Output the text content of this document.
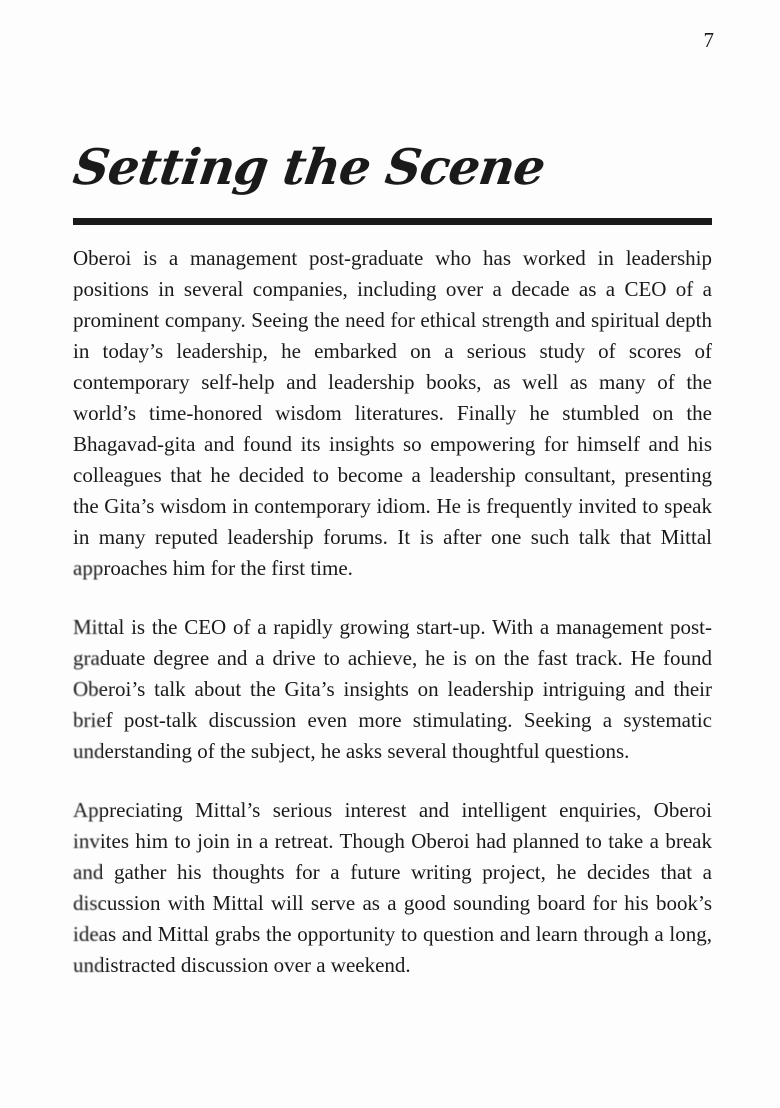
7
Setting the Scene

Oberoi is a management post-graduate who has worked in leadership positions in several companies, including over a decade as a CEO of a prominent company. Seeing the need for ethical strength and spiritual depth in today’s leadership, he embarked on a serious study of scores of contemporary self-help and leadership books, as well as many of the world’s time-honored wisdom literatures. Finally he stumbled on the Bhagavad-gita and found its insights so empowering for himself and his colleagues that he decided to become a leadership consultant, presenting the Gita’s wisdom in contemporary idiom. He is frequently invited to speak in many reputed leadership forums. It is after one such talk that Mittal approaches him for the first time.

Mittal is the CEO of a rapidly growing start-up. With a management post-graduate degree and a drive to achieve, he is on the fast track. He found Oberoi’s talk about the Gita’s insights on leadership intriguing and their brief post-talk discussion even more stimulating. Seeking a systematic understanding of the subject, he asks several thoughtful questions.

Appreciating Mittal’s serious interest and intelligent enquiries, Oberoi invites him to join in a retreat. Though Oberoi had planned to take a break and gather his thoughts for a future writing project, he decides that a discussion with Mittal will serve as a good sounding board for his book’s ideas and Mittal grabs the opportunity to question and learn through a long, undistracted discussion over a weekend.
